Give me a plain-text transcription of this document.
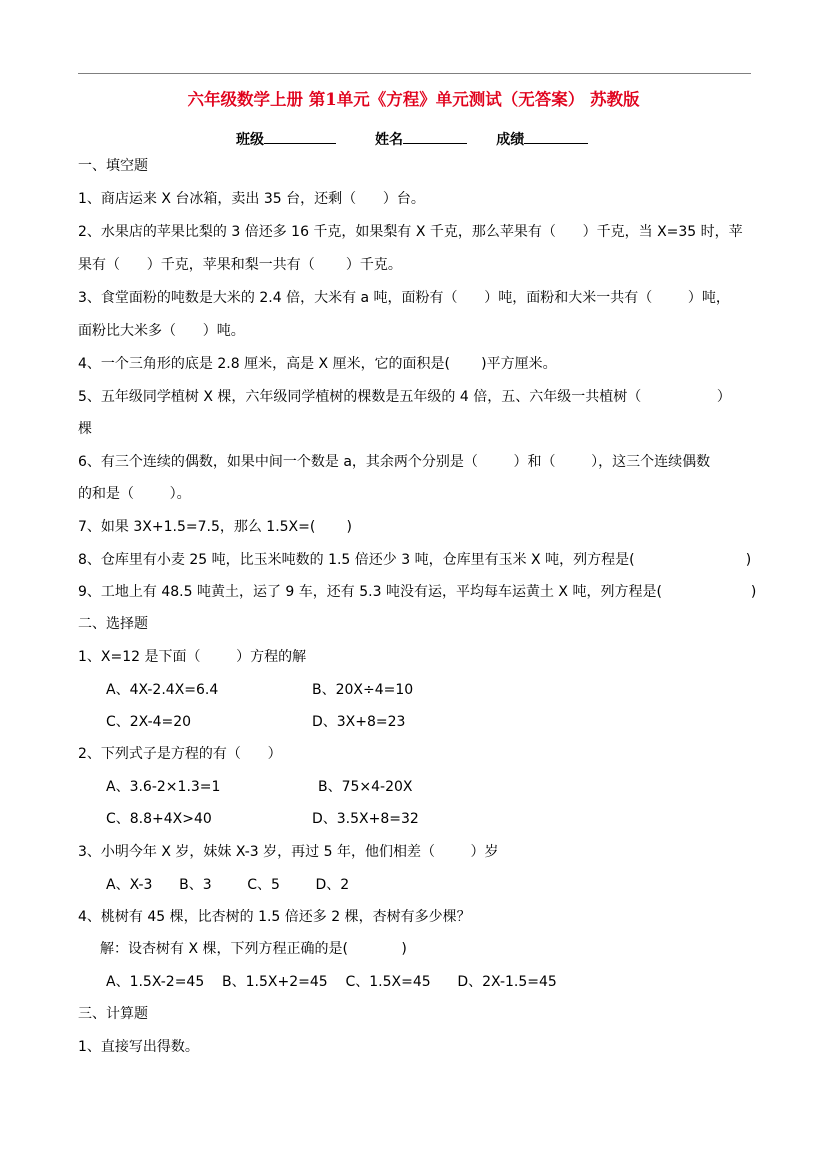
六年级数学上册 第1单元《方程》单元测试（无答案） 苏教版
班级	姓名	成绩
一、填空题
1、商店运来 X 台冰箱，卖出 35 台，还剩（      ）台。
2、水果店的苹果比梨的 3 倍还多 16 千克，如果梨有 X 千克，那么苹果有（      ）千克，当 X=35 时，苹
果有（      ）千克，苹果和梨一共有（       ）千克。
3、食堂面粉的吨数是大米的 2.4 倍，大米有 a 吨，面粉有（      ）吨，面粉和大米一共有（        ）吨，
面粉比大米多（      ）吨。
4、一个三角形的底是 2.8 厘米，高是 X 厘米，它的面积是(       )平方厘米。
5、五年级同学植树 X 棵，六年级同学植树的棵数是五年级的 4 倍，五、六年级一共植树（                 ）
棵
6、有三个连续的偶数，如果中间一个数是 a，其余两个分别是（        ）和（        ），这三个连续偶数
的和是（        ）。
7、如果 3X+1.5=7.5，那么 1.5X=(       )
8、仓库里有小麦 25 吨，比玉米吨数的 1.5 倍还少 3 吨，仓库里有玉米 X 吨，列方程是(                         )
9、工地上有 48.5 吨黄土，运了 9 车，还有 5.3 吨没有运，平均每车运黄土 X 吨，列方程是(                    )
二、选择题
1、X=12 是下面（        ）方程的解
A、4X-2.4X=6.4	B、20X÷4=10
C、2X-4=20	D、3X+8=23
2、下列式子是方程的有（      ）
A、3.6-2×1.3=1	B、75×4-20X
C、8.8+4X>40	D、3.5X+8=32
3、小明今年 X 岁，妹妹 X-3 岁，再过 5 年，他们相差（        ）岁
A、X-3      B、3        C、5        D、2
4、桃树有 45 棵，比杏树的 1.5 倍还多 2 棵，杏树有多少棵？
解：设杏树有 X 棵，下列方程正确的是(            )
A、1.5X-2=45    B、1.5X+2=45    C、1.5X=45      D、2X-1.5=45
三、计算题
1、直接写出得数。
